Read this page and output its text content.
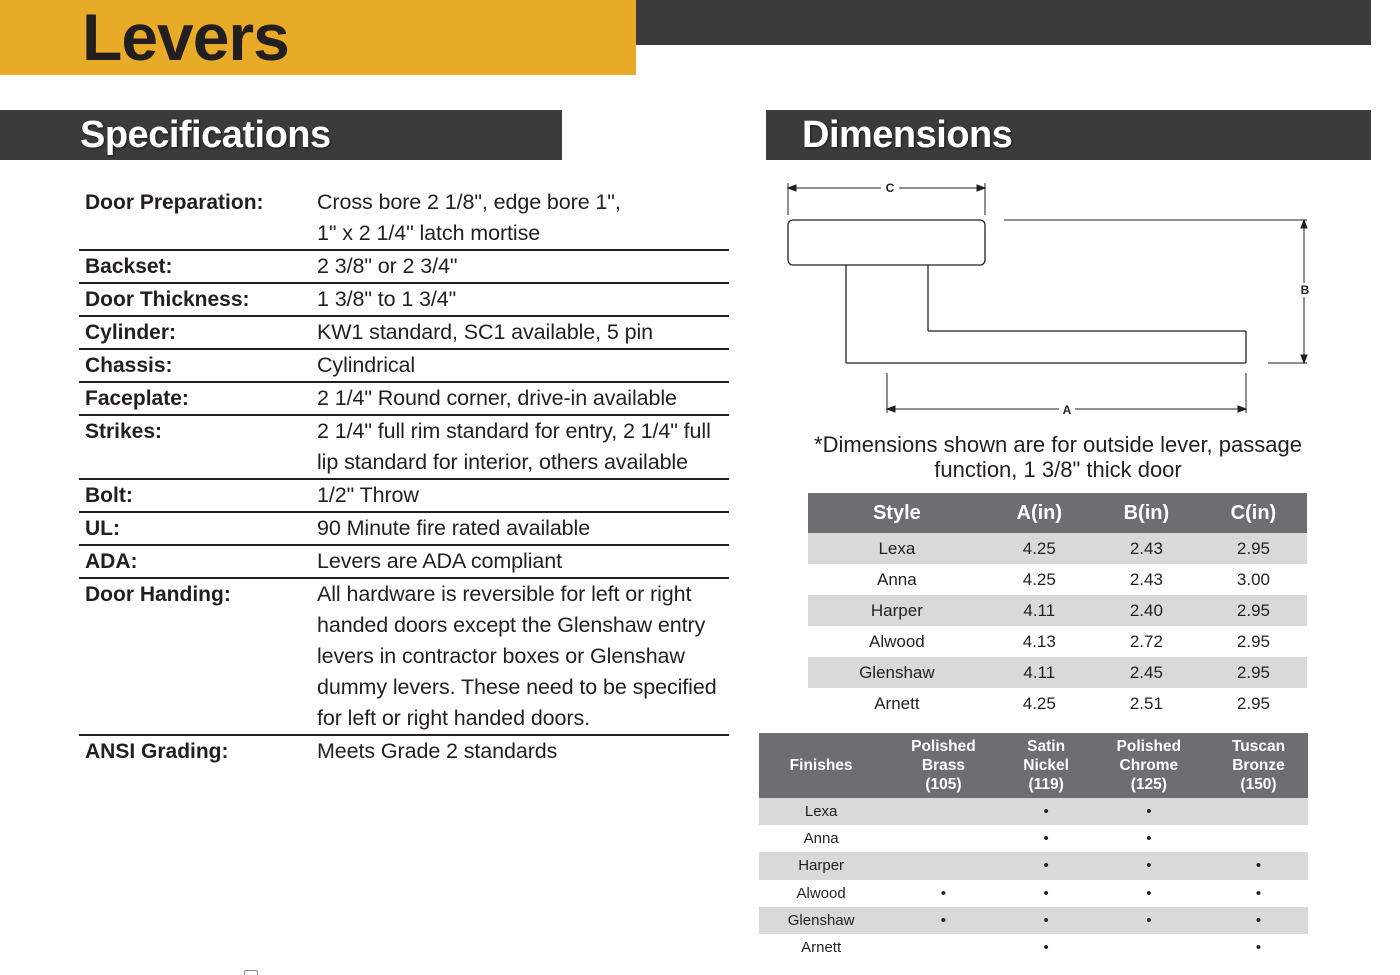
Levers
Specifications	Dimensions
Door Preparation:	Cross bore 2 1/8", edge bore 1",
1" x 2 1/4" latch mortise
Backset:	2 3/8" or 2 3/4"
Door Thickness:	1 3/8" to 1 3/4"
Cylinder:	KW1 standard, SC1 available, 5 pin
Chassis:	Cylindrical
Faceplate:	2 1/4" Round corner, drive-in available
Strikes:	2 1/4" full rim standard for entry, 2 1/4" full
lip standard for interior, others available
Bolt:	1/2" Throw
UL:	90 Minute fire rated available
ADA:	Levers are ADA compliant
Door Handing:	All hardware is reversible for left or right
handed doors except the Glenshaw entry
levers in contractor boxes or Glenshaw
dummy levers. These need to be specified
for left or right handed doors.
ANSI Grading:	Meets Grade 2 standards
C
B
A
*Dimensions shown are for outside lever, passage function, 1 3/8" thick door
Style	A(in)	B(in)	C(in)
Lexa	4.25	2.43	2.95
Anna	4.25	2.43	3.00
Harper	4.11	2.40	2.95
Alwood	4.13	2.72	2.95
Glenshaw	4.11	2.45	2.95
Arnett	4.25	2.51	2.95
Finishes	Polished
Brass
(105)	Satin
Nickel
(119)	Polished
Chrome
(125)	Tuscan
Bronze
(150)
Lexa		•	•	
Anna		•	•	
Harper		•	•	•
Alwood	•	•	•	•
Glenshaw	•	•	•	•
Arnett		•		•
